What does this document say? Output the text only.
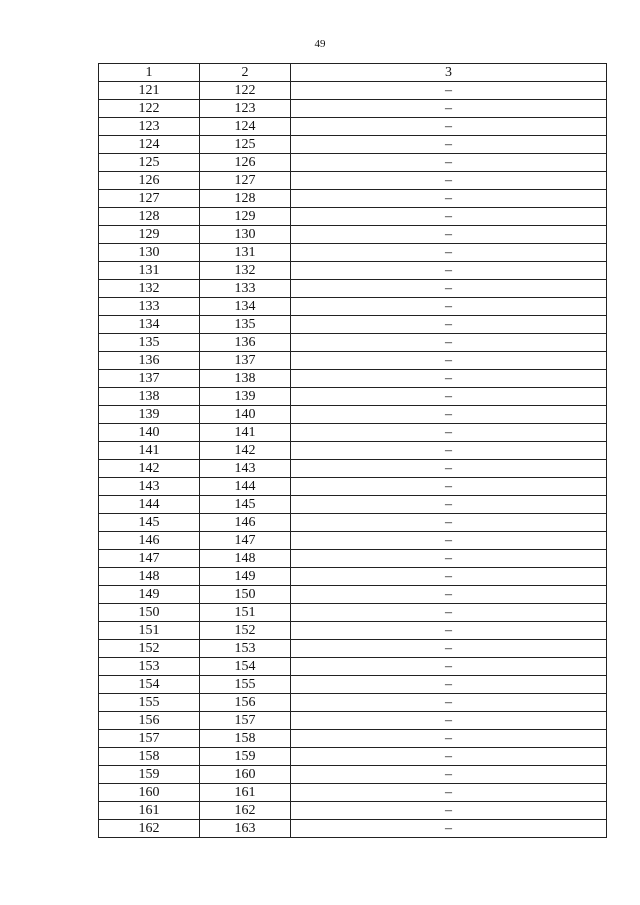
49
1	2	3
121	122	–
122	123	–
123	124	–
124	125	–
125	126	–
126	127	–
127	128	–
128	129	–
129	130	–
130	131	–
131	132	–
132	133	–
133	134	–
134	135	–
135	136	–
136	137	–
137	138	–
138	139	–
139	140	–
140	141	–
141	142	–
142	143	–
143	144	–
144	145	–
145	146	–
146	147	–
147	148	–
148	149	–
149	150	–
150	151	–
151	152	–
152	153	–
153	154	–
154	155	–
155	156	–
156	157	–
157	158	–
158	159	–
159	160	–
160	161	–
161	162	–
162	163	–
